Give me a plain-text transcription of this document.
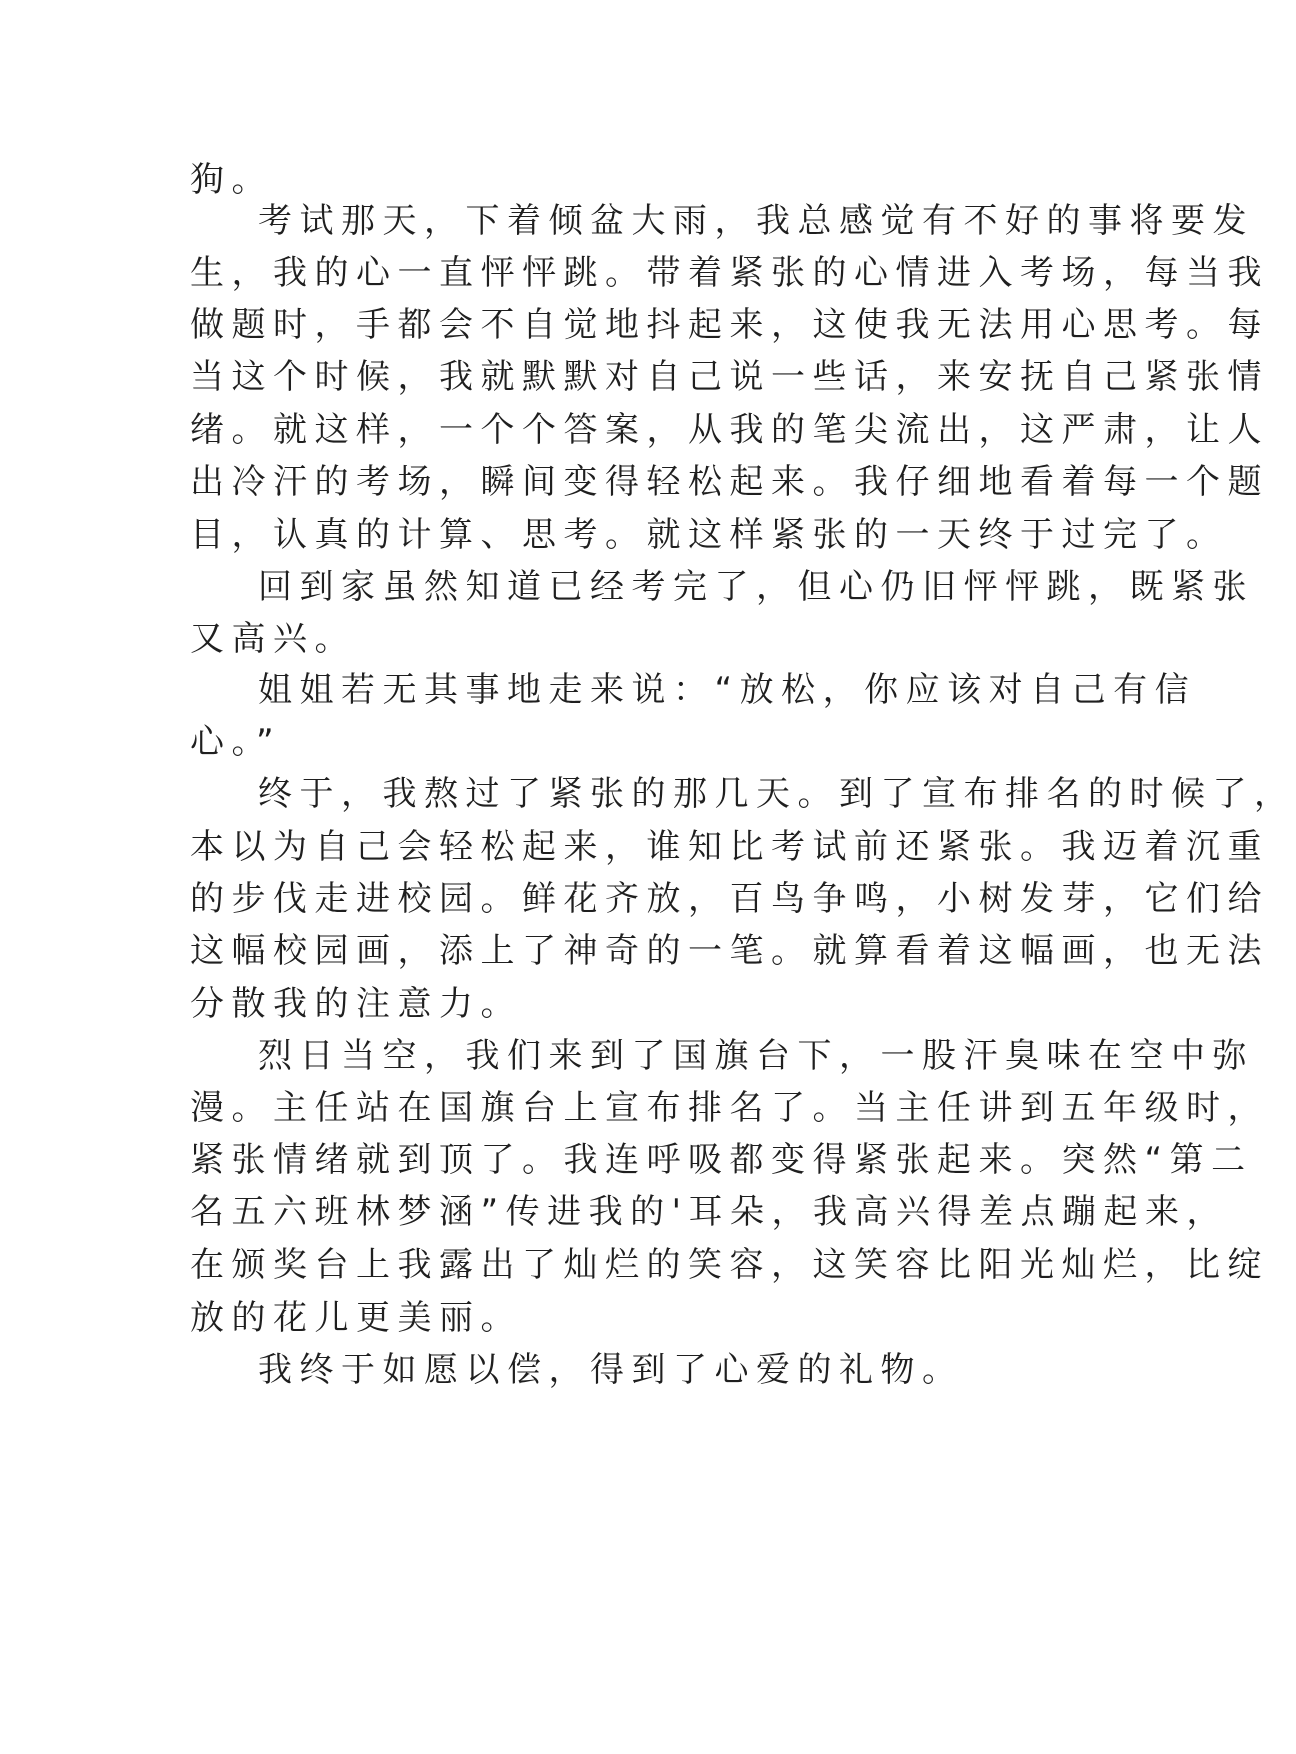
狗。

考试那天，下着倾盆大雨，我总感觉有不好的事将要发

生，我的心一直怦怦跳。带着紧张的心情进入考场，每当我

做题时，手都会不自觉地抖起来，这使我无法用心思考。每

当这个时候，我就默默对自己说一些话，来安抚自己紧张情

绪。就这样，一个个答案，从我的笔尖流出，这严肃，让人

出冷汗的考场，瞬间变得轻松起来。我仔细地看着每一个题

目，认真的计算、思考。就这样紧张的一天终于过完了。

回到家虽然知道已经考完了，但心仍旧怦怦跳，既紧张

又高兴。

姐姐若无其事地走来说：“放松，你应该对自己有信

心。”

终于，我熬过了紧张的那几天。到了宣布排名的时候了，

本以为自己会轻松起来，谁知比考试前还紧张。我迈着沉重

的步伐走进校园。鲜花齐放，百鸟争鸣，小树发芽，它们给

这幅校园画，添上了神奇的一笔。就算看着这幅画，也无法

分散我的注意力。

烈日当空，我们来到了国旗台下，一股汗臭味在空中弥

漫。主任站在国旗台上宣布排名了。当主任讲到五年级时，

紧张情绪就到顶了。我连呼吸都变得紧张起来。突然“第二

名五六班林梦涵”传进我的'耳朵，我高兴得差点蹦起来，

在颁奖台上我露出了灿烂的笑容，这笑容比阳光灿烂，比绽

放的花儿更美丽。

我终于如愿以偿，得到了心爱的礼物。
